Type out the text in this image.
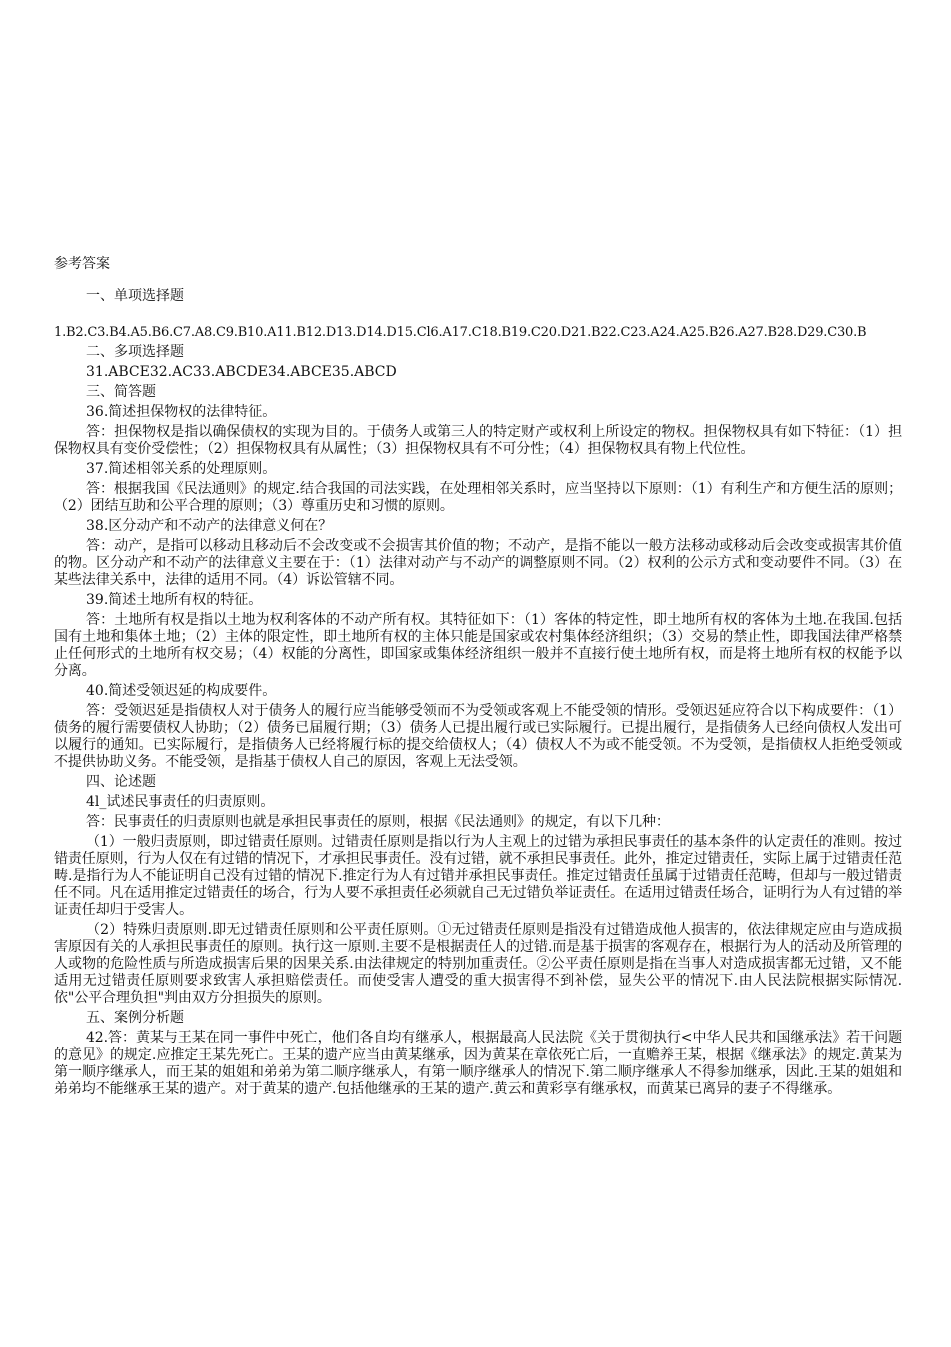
参考答案

一、单项选择题

1.B2.C3.B4.A5.B6.C7.A8.C9.B10.A11.B12.D13.D14.D15.Cl6.A17.C18.B19.C20.D21.B22.C23.A24.A25.B26.A27.B28.D29.C30.B

二、多项选择题

31.ABCE32.AC33.ABCDE34.ABCE35.ABCD

三、简答题

36.简述担保物权的法律特征。

答：担保物权是指以确保债权的实现为目的。于债务人或第三人的特定财产或权利上所设定的物权。担保物权具有如下特征：（1）担保物权具有变价受偿性；（2）担保物权具有从属性；（3）担保物权具有不可分性；（4）担保物权具有物上代位性。

37.简述相邻关系的处理原则。

答：根据我国《民法通则》的规定.结合我国的司法实践，在处理相邻关系时，应当坚持以下原则：（1）有利生产和方便生活的原则；（2）团结互助和公平合理的原则；（3）尊重历史和习惯的原则。

38.区分动产和不动产的法律意义何在？

答：动产，是指可以移动且移动后不会改变或不会损害其价值的物；不动产，是指不能以一般方法移动或移动后会改变或损害其价值的物。区分动产和不动产的法律意义主要在于：（1）法律对动产与不动产的调整原则不同。（2）权利的公示方式和变动要件不同。（3）在某些法律关系中，法律的适用不同。（4）诉讼管辖不同。

39.简述土地所有权的特征。

答：土地所有权是指以土地为权利客体的不动产所有权。其特征如下：（1）客体的特定性，即土地所有权的客体为土地.在我国.包括国有土地和集体土地；（2）主体的限定性，即土地所有权的主体只能是国家或农村集体经济组织；（3）交易的禁止性，即我国法律严格禁止任何形式的土地所有权交易；（4）权能的分离性，即国家或集体经济组织一般并不直接行使土地所有权，而是将土地所有权的权能予以分离。

40.简述受领迟延的构成要件。

答：受领迟延是指债权人对于债务人的履行应当能够受领而不为受领或客观上不能受领的情形。受领迟延应符合以下构成要件：（1）债务的履行需要债权人协助；（2）债务已届履行期；（3）债务人已提出履行或已实际履行。已提出履行，是指债务人已经向债权人发出可以履行的通知。已实际履行，是指债务人已经将履行标的提交给债权人；（4）债权人不为或不能受领。不为受领，是指债权人拒绝受领或不提供协助义务。不能受领，是指基于债权人自己的原因，客观上无法受领。

四、论述题

4l_试述民事责任的归责原则。

答：民事责任的归责原则也就是承担民事责任的原则，根据《民法通则》的规定，有以下几种：

（1）一般归责原则，即过错责任原则。过错责任原则是指以行为人主观上的过错为承担民事责任的基本条件的认定责任的准则。按过错责任原则，行为人仅在有过错的情况下，才承担民事责任。没有过错，就不承担民事责任。此外，推定过错责任，实际上属于过错责任范畴.是指行为人不能证明自己没有过错的情况下.推定行为人有过错并承担民事责任。推定过错责任虽属于过错责任范畴，但却与一般过错责任不同。凡在适用推定过错责任的场合，行为人要不承担责任必须就自己无过错负举证责任。在适用过错责任场合，证明行为人有过错的举证责任却归于受害人。

（2）特殊归责原则.即无过错责任原则和公平责任原则。①无过错责任原则是指没有过错造成他人损害的，依法律规定应由与造成损害原因有关的人承担民事责任的原则。执行这一原则.主要不是根据责任人的过错.而是基于损害的客观存在，根据行为人的活动及所管理的人或物的危险性质与所造成损害后果的因果关系.由法律规定的特别加重责任。②公平责任原则是指在当事人对造成损害都无过错，又不能适用无过错责任原则要求致害人承担赔偿责任。而使受害人遭受的重大损害得不到补偿，显失公平的情况下.由人民法院根据实际情况.依"公平合理负担"判由双方分担损失的原则。

五、案例分析题

42.答：黄某与王某在同一事件中死亡，他们各自均有继承人，根据最高人民法院《关于贯彻执行<中华人民共和国继承法》若干问题的意见》的规定.应推定王某先死亡。王某的遗产应当由黄某继承，因为黄某在章依死亡后，一直赡养王某，根据《继承法》的规定.黄某为第一顺序继承人，而王某的姐姐和弟弟为第二顺序继承人，有第一顺序继承人的情况下.第二顺序继承人不得参加继承，因此.王某的姐姐和弟弟均不能继承王某的遗产。对于黄某的遗产.包括他继承的王某的遗产.黄云和黄彩享有继承权，而黄某已离异的妻子不得继承。
